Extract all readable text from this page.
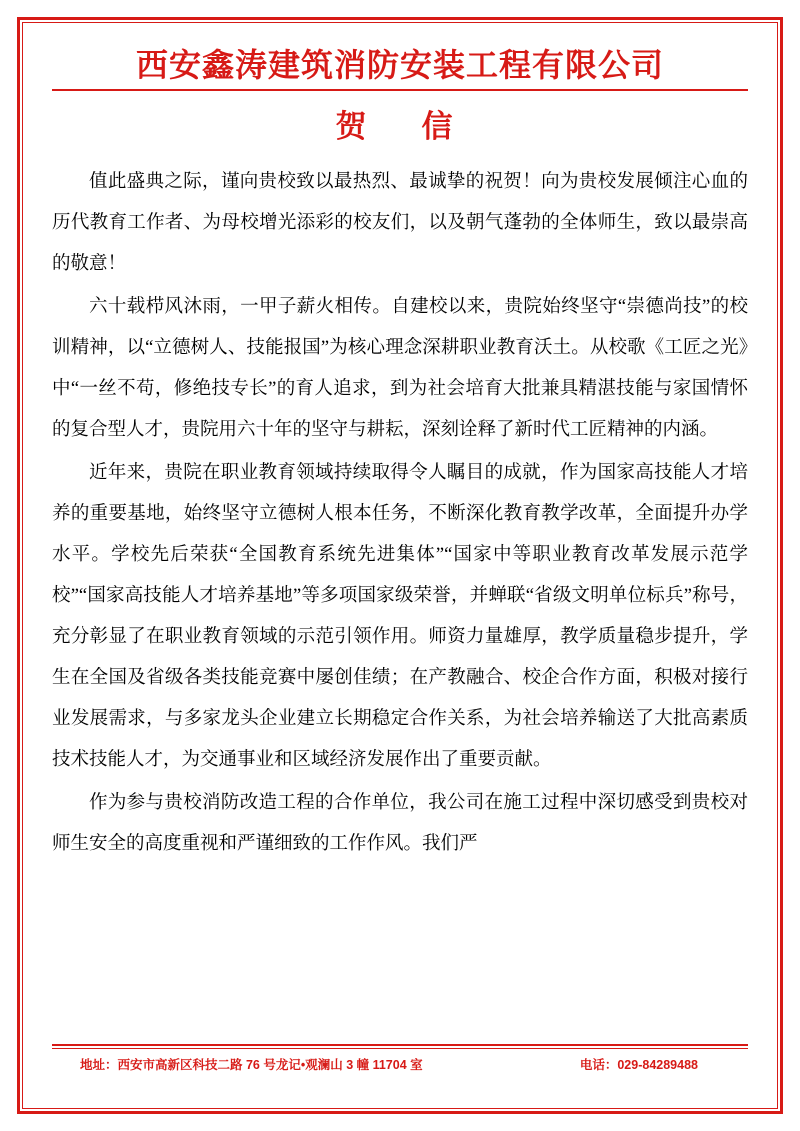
西安鑫涛建筑消防安装工程有限公司
贺　信

值此盛典之际，谨向贵校致以最热烈、最诚挚的祝贺！向为贵校发展倾注心血的历代教育工作者、为母校增光添彩的校友们，以及朝气蓬勃的全体师生，致以最崇高的敬意！

六十载栉风沐雨，一甲子薪火相传。自建校以来，贵院始终坚守“崇德尚技”的校训精神，以“立德树人、技能报国”为核心理念深耕职业教育沃土。从校歌《工匠之光》中“一丝不苟，修绝技专长”的育人追求，到为社会培育大批兼具精湛技能与家国情怀的复合型人才，贵院用六十年的坚守与耕耘，深刻诠释了新时代工匠精神的内涵。

近年来，贵院在职业教育领域持续取得令人瞩目的成就，作为国家高技能人才培养的重要基地，始终坚守立德树人根本任务，不断深化教育教学改革，全面提升办学水平。学校先后荣获“全国教育系统先进集体”“国家中等职业教育改革发展示范学校”“国家高技能人才培养基地”等多项国家级荣誉，并蝉联“省级文明单位标兵”称号，充分彰显了在职业教育领域的示范引领作用。师资力量雄厚，教学质量稳步提升，学生在全国及省级各类技能竞赛中屡创佳绩；在产教融合、校企合作方面，积极对接行业发展需求，与多家龙头企业建立长期稳定合作关系，为社会培养输送了大批高素质技术技能人才，为交通事业和区域经济发展作出了重要贡献。

作为参与贵校消防改造工程的合作单位，我公司在施工过程中深切感受到贵校对师生安全的高度重视和严谨细致的工作作风。我们严

地址：西安市高新区科技二路 76 号龙记•观澜山 3 幢 11704 室	电话：029-84289488
